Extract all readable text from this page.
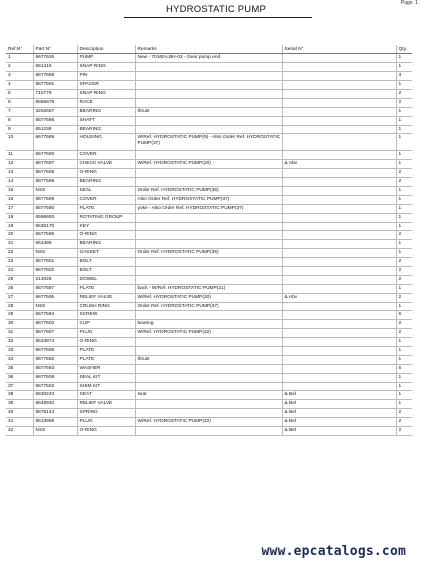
Page: 1
HYDROSTATIC PUMP
Ref.N°	Part N°	Description	Remarks	Serial N°	Qty.
1	6677626	PUMP	New - 70160-LBH-03 - Gear pump end		1
2	661415	SNAP RING			1
3	6677588	PIN			3
4	6677591	SPACER			1
5	710776	SNAP RING			2
6	6586678	RACE			2
7	3292657	BEARING	thrust		1
8	6677586	SHAFT			1
9	651238	BEARING			1
10	6677589	HOUSING	W/Ref. HYDROSTATIC PUMP(9) - Also Order Ref. HYDROSTATIC PUMP(37)		1
11	6677600	COVER			1
12	6677597	CHECK VALVE	W/Ref. HYDROSTATIC PUMP(20)	& Abv	1
13	6677605	O-RING			2
14	6677598	BEARING			2
15	NSS	SEAL	Order Ref. HYDROSTATIC PUMP(36)		1
16	6677599	COVER	Also Order Ref. HYDROSTATIC PUMP(37)		1
17	6677590	PLATE	yoke - Also Order Ref. HYDROSTATIC PUMP(37)		1
18	6598693	ROTATING GROUP			1
19	6630170	KEY			1
20	6677596	O-RING			2
21	654386	BEARING			1
22	NSS	GASKET	Order Ref. HYDROSTATIC PUMP(36)		1
23	6677601	BOLT			2
24	6677602	BOLT			2
25	214028	DOWEL			2
26	6677587	PLATE	back - W/Ref. HYDROSTATIC PUMP(21)		1
27	6677595	RELIEF VALVE	W/Ref. HYDROSTATIC PUMP(20)	& Abv	2
28	NSS	CRUSH RING	Order Ref. HYDROSTATIC PUMP(37)		1
29	6677594	SCREW			6
30	6677603	CUP	bearing		2
31	6677607	PLUG	W/Ref. HYDROSTATIC PUMP(32)		2
32	6634874	O-RING			1
33	6677606	PLATE			1
34	6677592	PLATE	thrust		1
35	6677593	WASHER			6
36	6677608	SEAL KIT			1
37	6677502	SHIM KIT			1
38	6630243	SEAT	seat	& Bel	1
39	6648940	RELIEF VALVE		& Bel	1
40	6676143	SPRING		& Bel	2
41	6513998	PLUG	W/Ref. HYDROSTATIC PUMP(42)	& Bel	2
42	NSS	O-RING		& Bel	2
www.epcatalogs.com
